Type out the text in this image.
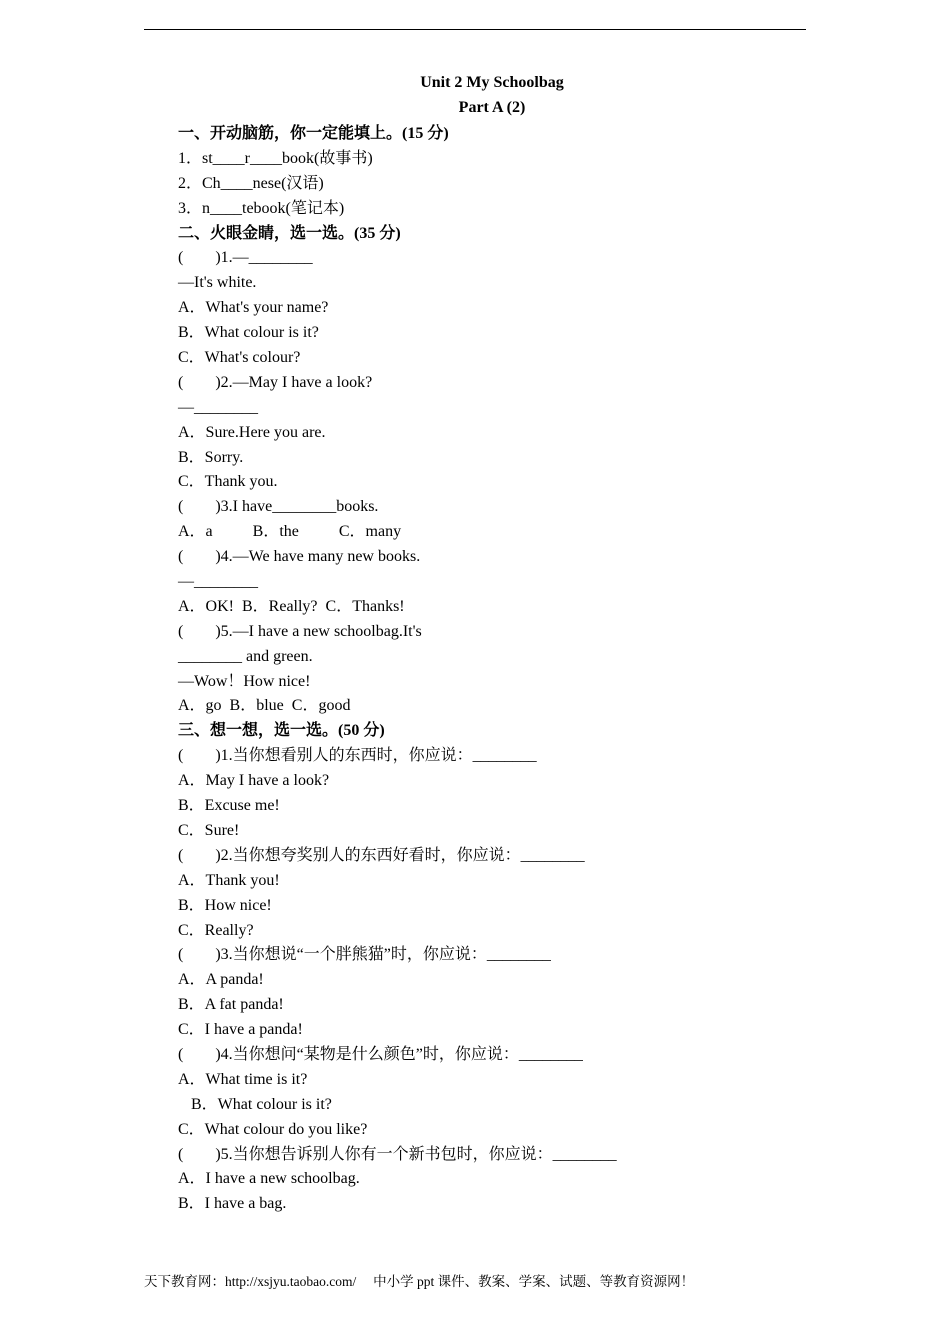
Unit 2 My Schoolbag
Part A (2)
一、开动脑筋，你一定能填上。(15 分)
1．st____r____book(故事书)
2．Ch____nese(汉语)
3．n____tebook(笔记本)
二、火眼金睛，选一选。(35 分)
(        )1.—________
—It's white.
A．What's your name?
B．What colour is it?
C．What's colour?
(        )2.—May I have a look?
—________
A．Sure.Here you are.
B．Sorry.
C．Thank you.
(        )3.I have________books.
A．a          B．the          C．many
(        )4.—We have many new books.
—________
A．OK!  B．Really?  C．Thanks!
(        )5.—I have a new schoolbag.It's
________ and green.
—Wow！How nice!
A．go  B．blue  C．good
三、想一想，选一选。(50 分)
(        )1.当你想看别人的东西时，你应说：________
A．May I have a look?
B．Excuse me!
C．Sure!
(        )2.当你想夸奖别人的东西好看时，你应说：________
A．Thank you!
B．How nice!
C．Really?
(        )3.当你想说“一个胖熊猫”时，你应说：________
A．A panda!
B．A fat panda!
C．I have a panda!
(        )4.当你想问“某物是什么颜色”时，你应说：________
A．What time is it?
B．What colour is it?
C．What colour do you like?
(        )5.当你想告诉别人你有一个新书包时，你应说：________
A．I have a new schoolbag.
B．I have a bag.
天下教育网：http://xsjyu.taobao.com/     中小学 ppt 课件、教案、学案、试题、等教育资源网！
